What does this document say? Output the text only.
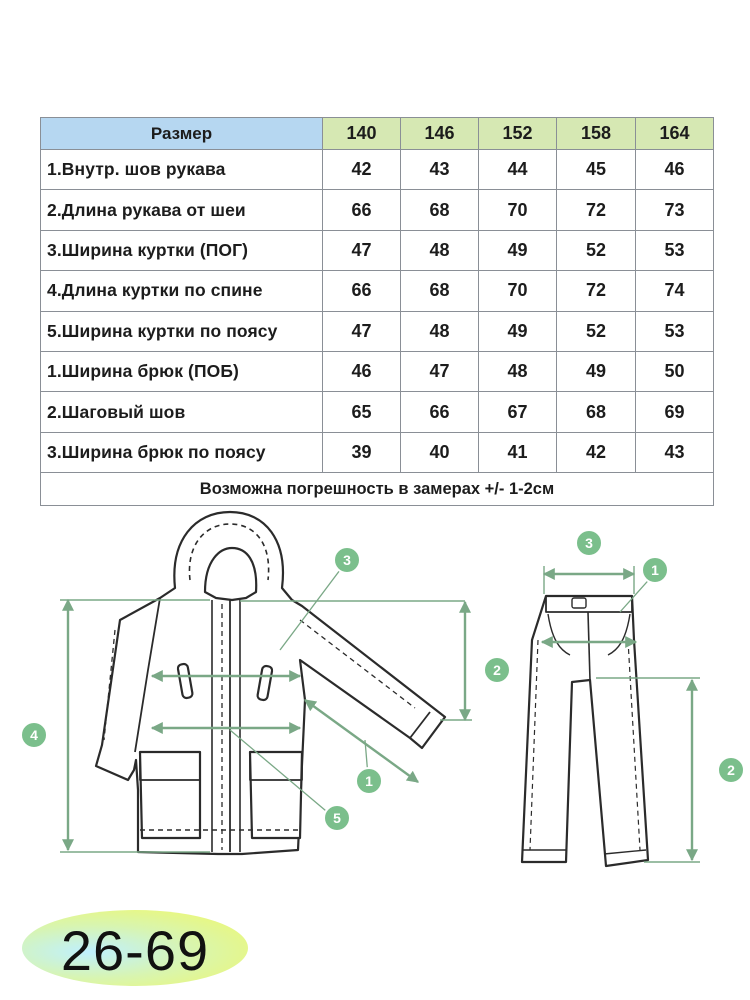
Размер	140	146	152	158	164
1.Внутр. шов рукава	42	43	44	45	46
2.Длина рукава от шеи	66	68	70	72	73
3.Ширина куртки (ПОГ)	47	48	49	52	53
4.Длина куртки по спине	66	68	70	72	74
5.Ширина куртки по поясу	47	48	49	52	53
1.Ширина брюк (ПОБ)	46	47	48	49	50
2.Шаговый шов	65	66	67	68	69
3.Ширина брюк по поясу	39	40	41	42	43
Возможна погрешность в замерах +/- 1-2см					
1
2
3
4
5
1
2
3
26-69
